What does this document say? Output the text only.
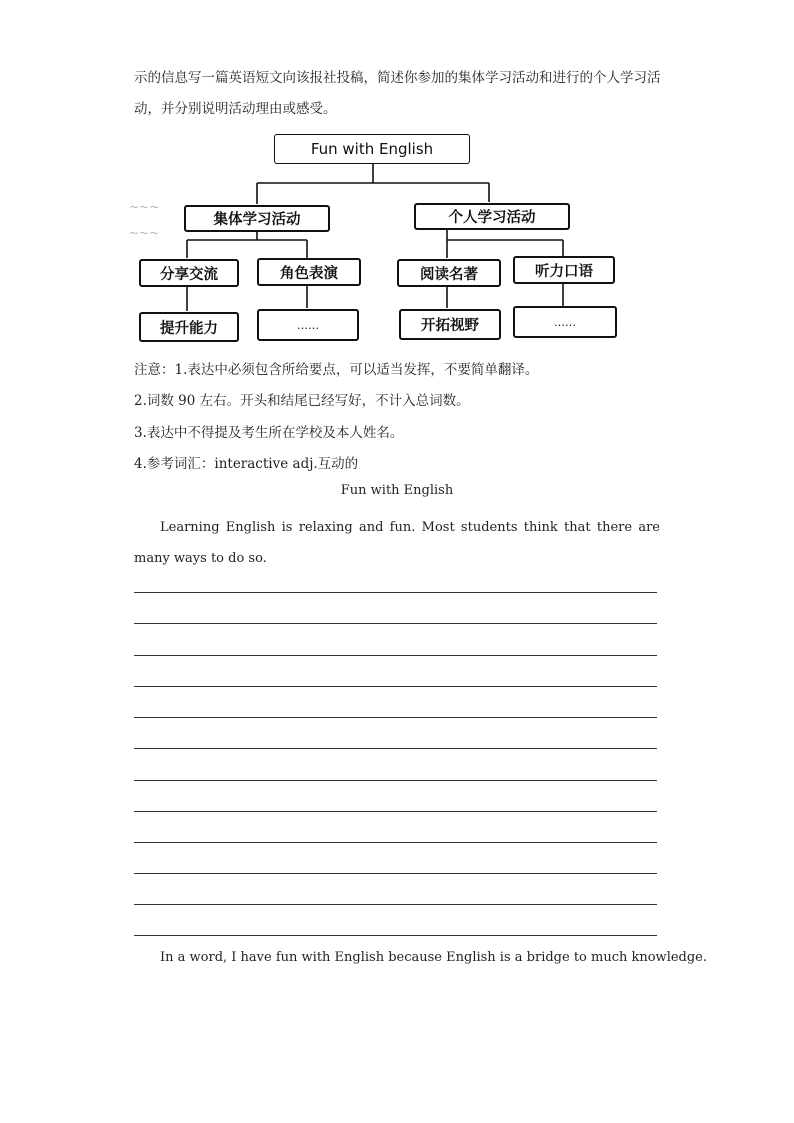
示的信息写一篇英语短文向该报社投稿，简述你参加的集体学习活动和进行的个人学习活动，并分别说明活动理由或感受。
~~~
~~~
Fun with English
集体学习活动	个人学习活动
分享交流	角色表演	阅读名著	听力口语
提升能力	……	开拓视野	……
注意：1.表达中必须包含所给要点，可以适当发挥，不要简单翻译。
2.词数 90 左右。开头和结尾已经写好，不计入总词数。
3.表达中不得提及考生所在学校及本人姓名。
4.参考词汇：interactive adj.互动的
Fun with English
Learning English is relaxing and fun. Most students think that there are many ways to do so.
In a word, I have fun with English because English is a bridge to much knowledge.
